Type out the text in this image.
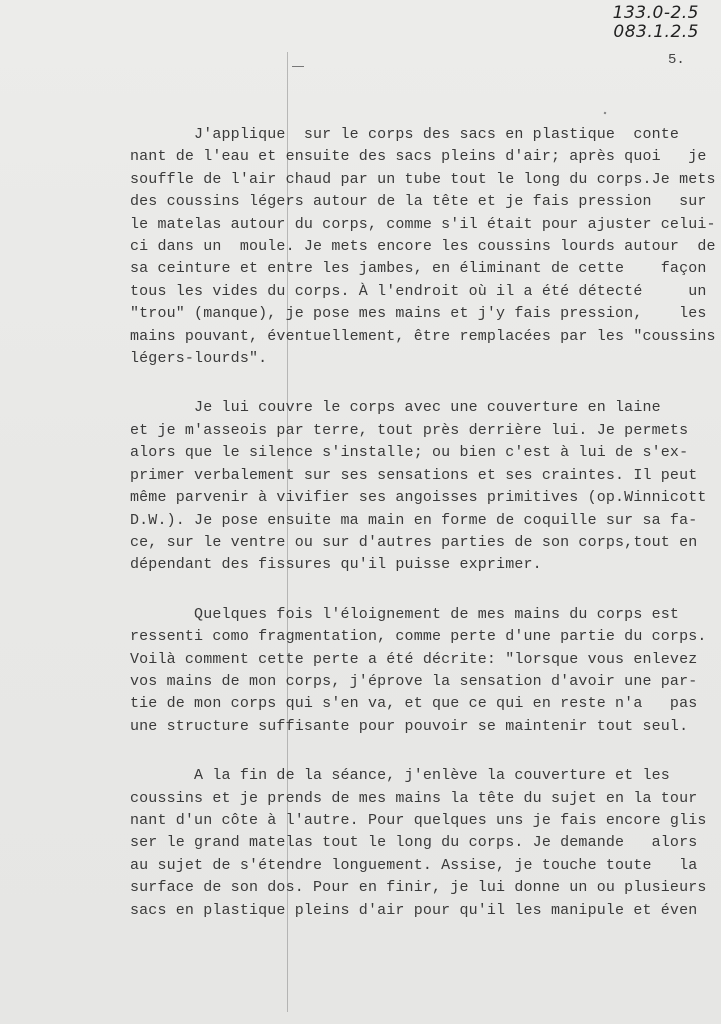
133.0-2.5
083.1.2.5
5.
J'applique  sur le corps des sacs en plastique  conte
nant de l'eau et ensuite des sacs pleins d'air; après quoi   je
souffle de l'air chaud par un tube tout le long du corps.Je mets
des coussins légers autour de la tête et je fais pression   sur
le matelas autour du corps, comme s'il était pour ajuster celui-
ci dans un  moule. Je mets encore les coussins lourds autour  de
sa ceinture et entre les jambes, en éliminant de cette    façon
tous les vides du corps. À l'endroit où il a été détecté     un
"trou" (manque), je pose mes mains et j'y fais pression,    les
mains pouvant, éventuellement, être remplacées par les "coussins
légers-lourds".
Je lui couvre le corps avec une couverture en laine
et je m'asseois par terre, tout près derrière lui. Je permets
alors que le silence s'installe; ou bien c'est à lui de s'ex-
primer verbalement sur ses sensations et ses craintes. Il peut
même parvenir à vivifier ses angoisses primitives (op.Winnicott
D.W.). Je pose ensuite ma main en forme de coquille sur sa fa-
ce, sur le ventre ou sur d'autres parties de son corps,tout en
dépendant des fissures qu'il puisse exprimer.
Quelques fois l'éloignement de mes mains du corps est
ressenti como fragmentation, comme perte d'une partie du corps.
Voilà comment cette perte a été décrite: "lorsque vous enlevez
vos mains de mon corps, j'éprove la sensation d'avoir une par-
tie de mon corps qui s'en va, et que ce qui en reste n'a   pas
une structure suffisante pour pouvoir se maintenir tout seul.
A la fin de la séance, j'enlève la couverture et les
coussins et je prends de mes mains la tête du sujet en la tour
nant d'un côte à l'autre. Pour quelques uns je fais encore glis
ser le grand matelas tout le long du corps. Je demande   alors
au sujet de s'étendre longuement. Assise, je touche toute   la
surface de son dos. Pour en finir, je lui donne un ou plusieurs
sacs en plastique pleins d'air pour qu'il les manipule et éven
